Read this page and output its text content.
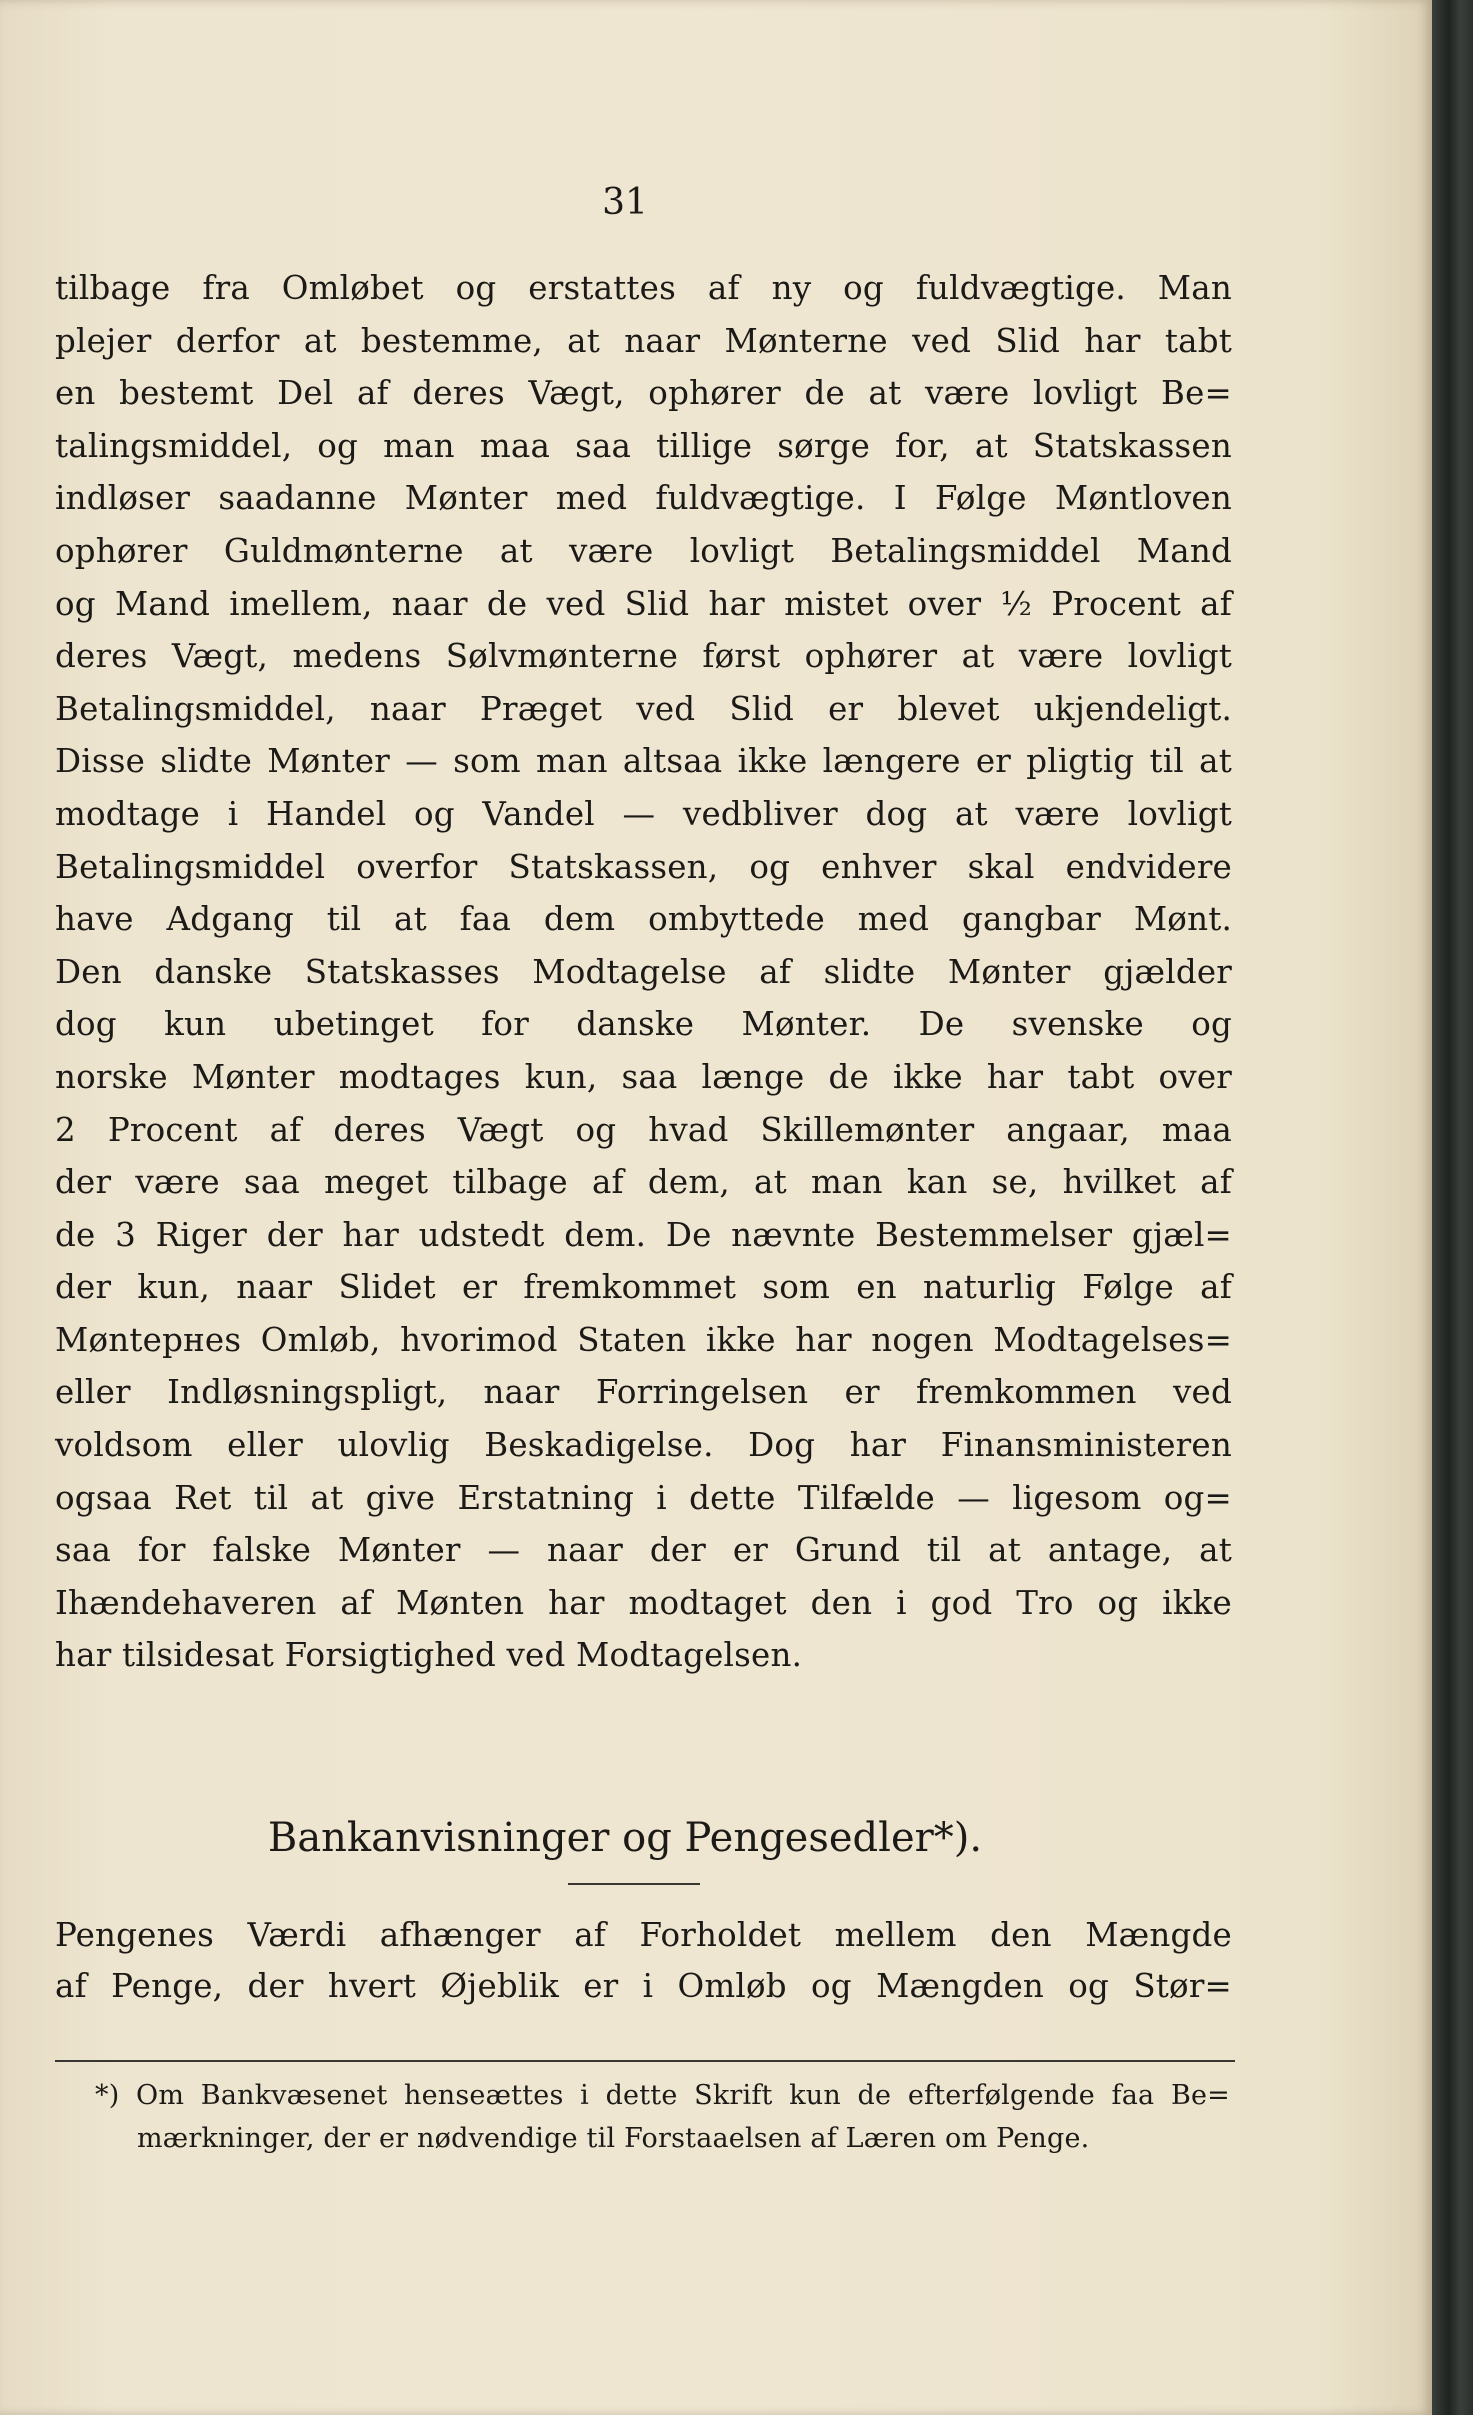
31
tilbage fra Omløbet og erstattes af ny og fuldvægtige. Man
plejer derfor at bestemme, at naar Mønterne ved Slid har tabt
en bestemt Del af deres Vægt, ophører de at være lovligt Be=
talingsmiddel, og man maa saa tillige sørge for, at Statskassen
indløser saadanne Mønter med fuldvægtige. I Følge Møntloven
ophører Guldmønterne at være lovligt Betalingsmiddel Mand
og Mand imellem, naar de ved Slid har mistet over ½ Procent af
deres Vægt, medens Sølvmønterne først ophører at være lovligt
Betalingsmiddel, naar Præget ved Slid er blevet ukjendeligt.
Disse slidte Mønter — som man altsaa ikke længere er pligtig til at
modtage i Handel og Vandel — vedbliver dog at være lovligt
Betalingsmiddel overfor Statskassen, og enhver skal endvidere
have Adgang til at faa dem ombyttede med gangbar Mønt.
Den danske Statskasses Modtagelse af slidte Mønter gjælder
dog kun ubetinget for danske Mønter. De svenske og
norske Mønter modtages kun, saa længe de ikke har tabt over
2 Procent af deres Vægt og hvad Skillemønter angaar, maa
der være saa meget tilbage af dem, at man kan se, hvilket af
de 3 Riger der har udstedt dem. De nævnte Bestemmelser gjæl=
der kun, naar Slidet er fremkommet som en naturlig Følge af
Møntернes Omløb, hvorimod Staten ikke har nogen Modtagelses=
eller Indløsningspligt, naar Forringelsen er fremkommen ved
voldsom eller ulovlig Beskadigelse. Dog har Finansministeren
ogsaa Ret til at give Erstatning i dette Tilfælde — ligesom og=
saa for falske Mønter — naar der er Grund til at antage, at
Ihændehaveren af Mønten har modtaget den i god Tro og ikke
har tilsidesat Forsigtighed ved Modtagelsen.
Bankanvisninger og Pengesedler*).
Pengenes Værdi afhænger af Forholdet mellem den Mængde
af Penge, der hvert Øjeblik er i Omløb og Mængden og Stør=
*) Om Bankvæsenet henseættes i dette Skrift kun de efterfølgende faa Be=
mærkninger, der er nødvendige til Forstaaelsen af Læren om Penge.
